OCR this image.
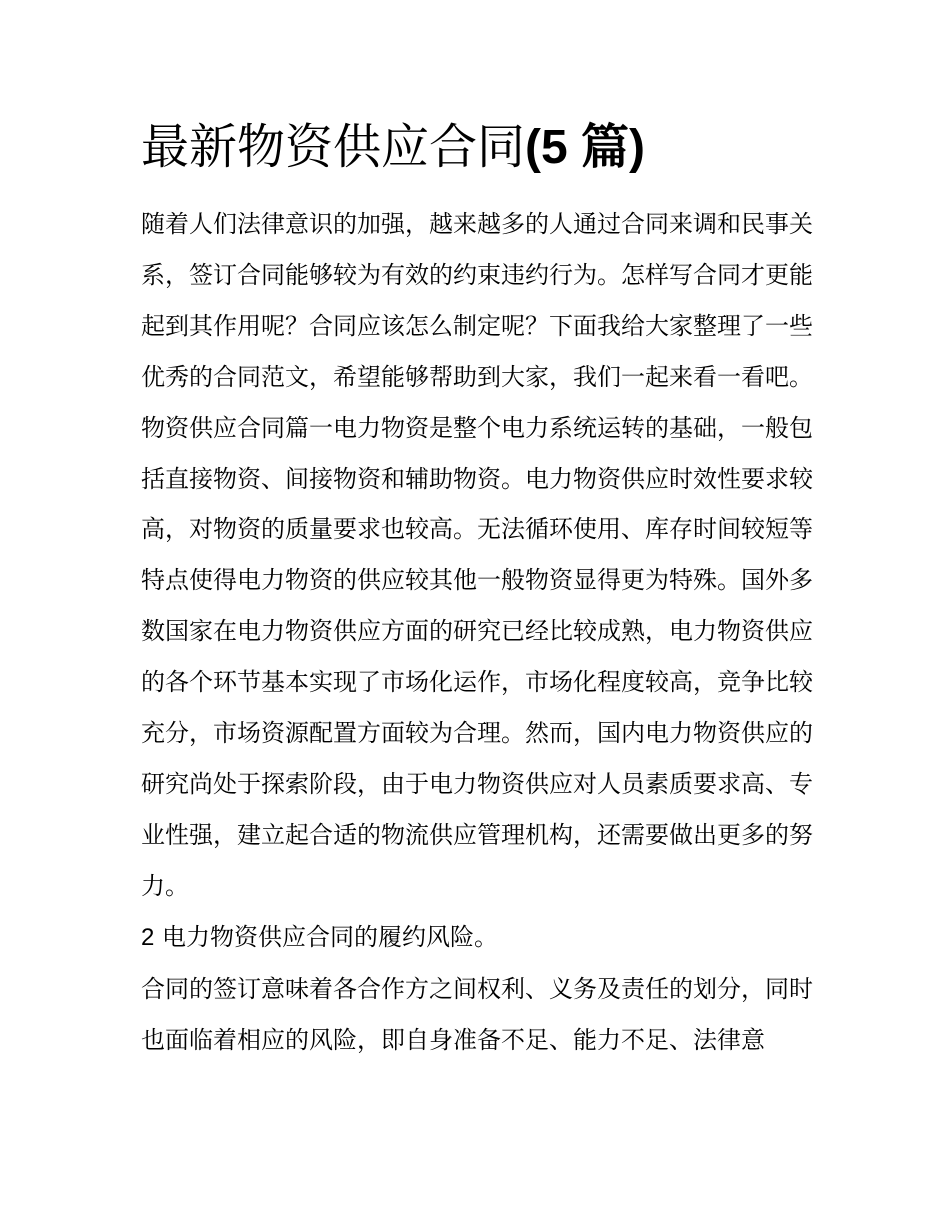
最新物资供应合同(5 篇)

随着人们法律意识的加强，越来越多的人通过合同来调和民事关系，签订合同能够较为有效的约束违约行为。怎样写合同才更能起到其作用呢？合同应该怎么制定呢？下面我给大家整理了一些优秀的合同范文，希望能够帮助到大家，我们一起来看一看吧。

物资供应合同篇一电力物资是整个电力系统运转的基础，一般包括直接物资、间接物资和辅助物资。电力物资供应时效性要求较高，对物资的质量要求也较高。无法循环使用、库存时间较短等特点使得电力物资的供应较其他一般物资显得更为特殊。国外多数国家在电力物资供应方面的研究已经比较成熟，电力物资供应的各个环节基本实现了市场化运作，市场化程度较高，竞争比较充分，市场资源配置方面较为合理。然而，国内电力物资供应的研究尚处于探索阶段，由于电力物资供应对人员素质要求高、专业性强，建立起合适的物流供应管理机构，还需要做出更多的努力。

2 电力物资供应合同的履约风险。

合同的签订意味着各合作方之间权利、义务及责任的划分，同时也面临着相应的风险，即自身准备不足、能力不足、法律意
